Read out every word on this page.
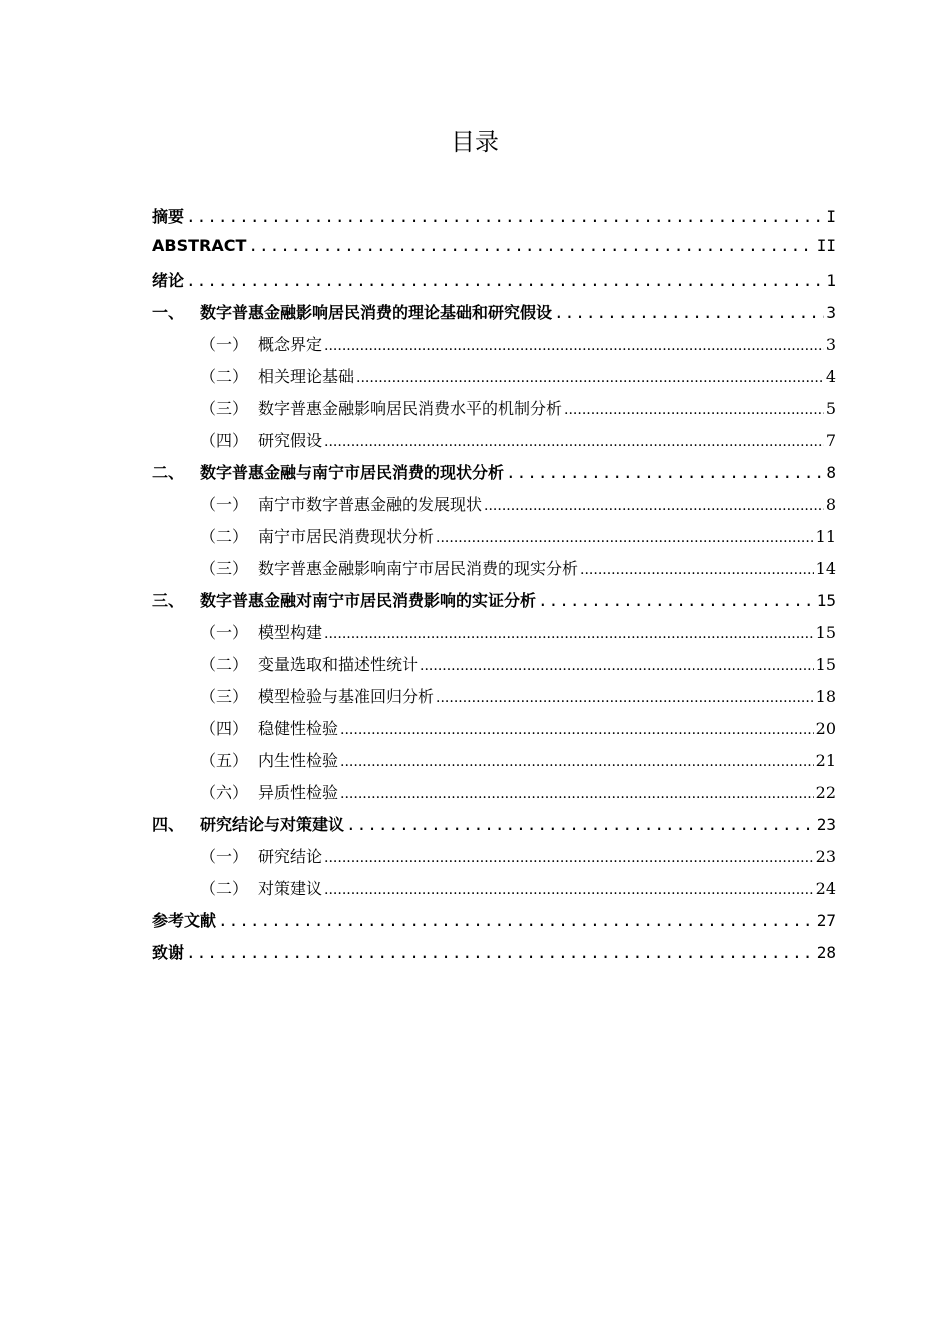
目录
摘要 .....	I
ABSTRACT .....	II
绪论 .....	1
一、 数字普惠金融影响居民消费的理论基础和研究假设 .....	3
（一） 概念界定 .....	3
（二） 相关理论基础 .....	4
（三） 数字普惠金融影响居民消费水平的机制分析 .....	5
（四） 研究假设 .....	7
二、 数字普惠金融与南宁市居民消费的现状分析 .....	8
（一） 南宁市数字普惠金融的发展现状 .....	8
（二） 南宁市居民消费现状分析 .....	11
（三） 数字普惠金融影响南宁市居民消费的现实分析 .....	14
三、 数字普惠金融对南宁市居民消费影响的实证分析 .....	15
（一） 模型构建 .....	15
（二） 变量选取和描述性统计 .....	15
（三） 模型检验与基准回归分析 .....	18
（四） 稳健性检验 .....	20
（五） 内生性检验 .....	21
（六） 异质性检验 .....	22
四、 研究结论与对策建议 .....	23
（一） 研究结论 .....	23
（二） 对策建议 .....	24
参考文献 .....	27
致谢 .....	28
